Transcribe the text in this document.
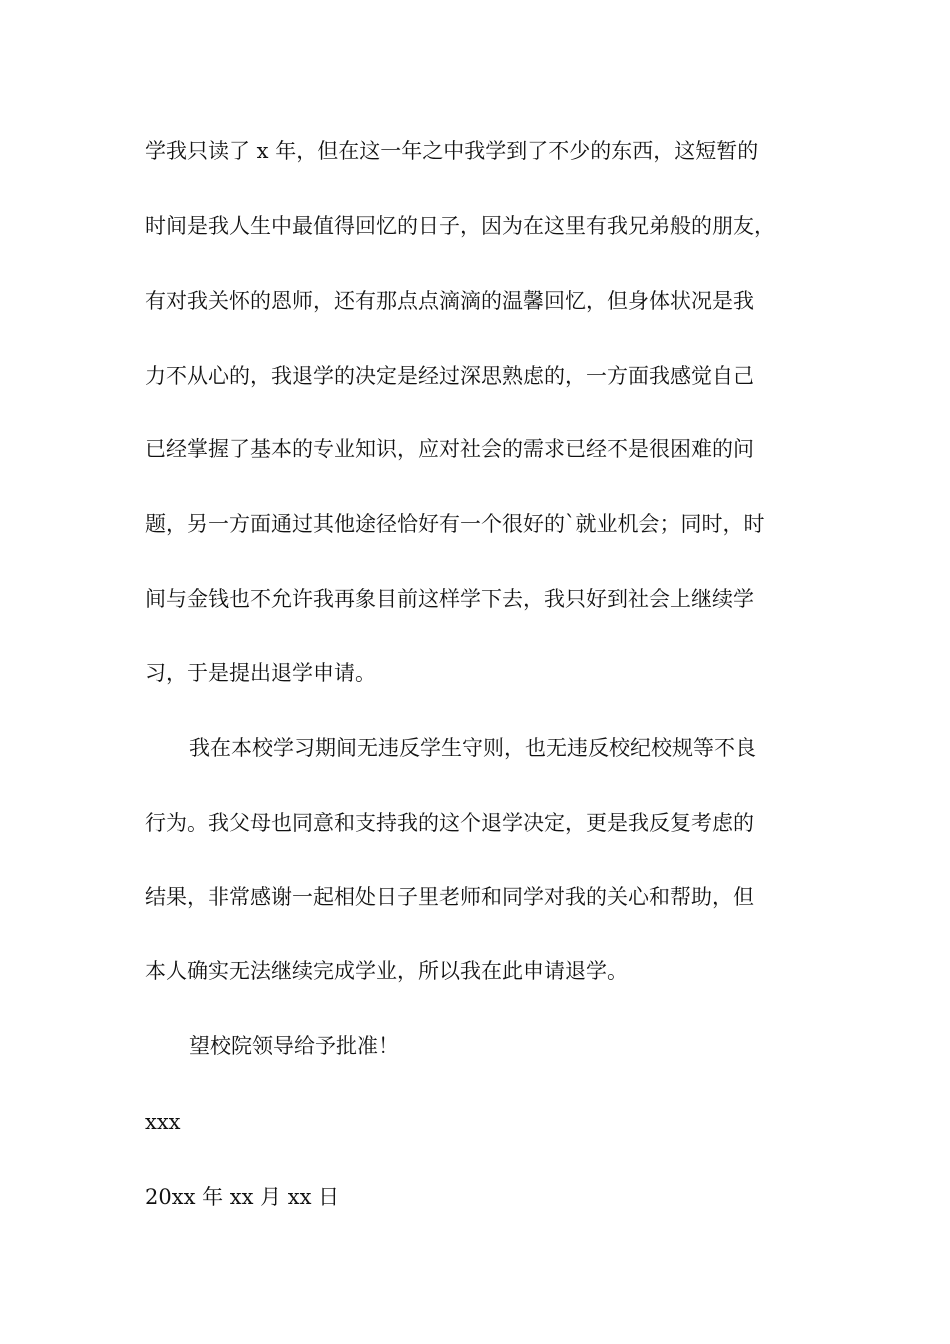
学我只读了 x 年，但在这一年之中我学到了不少的东西，这短暂的
时间是我人生中最值得回忆的日子，因为在这里有我兄弟般的朋友，
有对我关怀的恩师，还有那点点滴滴的温馨回忆，但身体状况是我
力不从心的，我退学的决定是经过深思熟虑的，一方面我感觉自己
已经掌握了基本的专业知识，应对社会的需求已经不是很困难的问
题，另一方面通过其他途径恰好有一个很好的`就业机会；同时，时
间与金钱也不允许我再象目前这样学下去，我只好到社会上继续学
习，于是提出退学申请。
我在本校学习期间无违反学生守则，也无违反校纪校规等不良
行为。我父母也同意和支持我的这个退学决定，更是我反复考虑的
结果，非常感谢一起相处日子里老师和同学对我的关心和帮助，但
本人确实无法继续完成学业，所以我在此申请退学。
望校院领导给予批准！
xxx
20xx 年 xx 月 xx 日
